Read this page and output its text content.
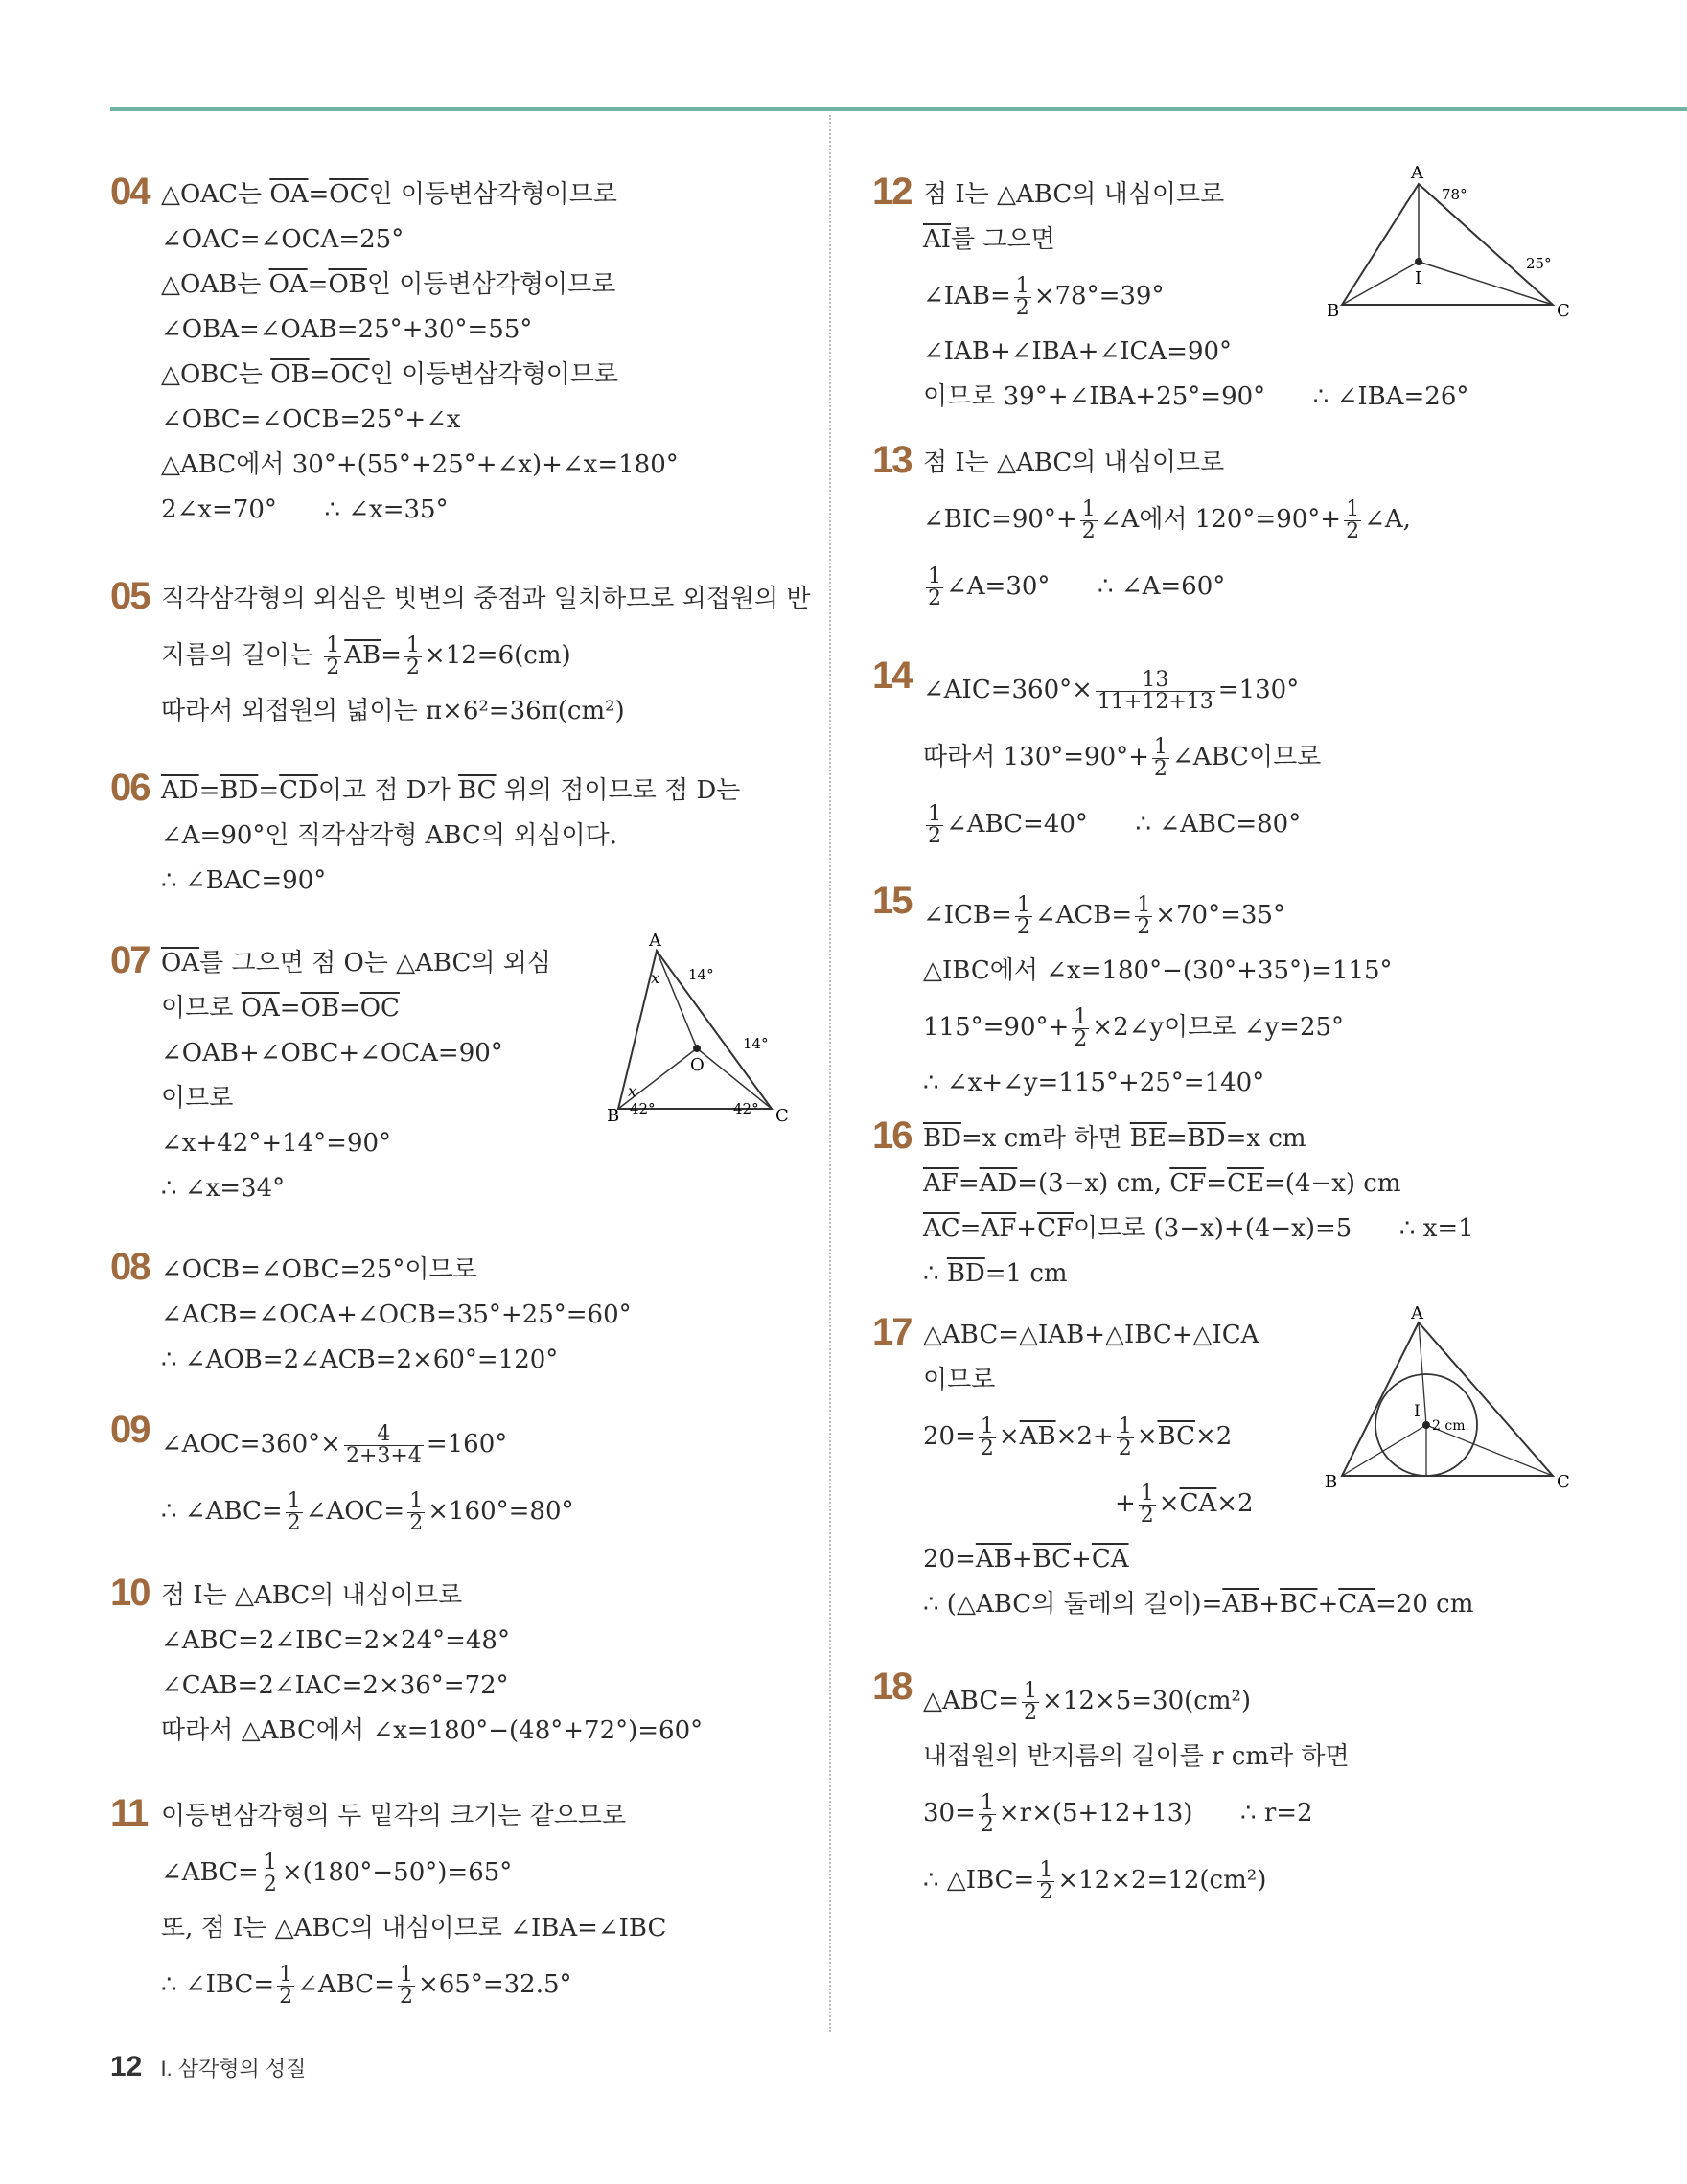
04 △OAC는 $\overline{OA}=\overline{OC}$인 이등변삼각형이므로
∠OAC=∠OCA=25°
△OAB는 $\overline{OA}=\overline{OB}$인 이등변삼각형이므로
∠OBA=∠OAB=25°+30°=55°
△OBC는 $\overline{OB}=\overline{OC}$인 이등변삼각형이므로
∠OBC=∠OCB=25°+∠x
△ABC에서 30°+(55°+25°+∠x)+∠x=180°
2∠x=70°      ∴ ∠x=35°
05 직각삼각형의 외심은 빗변의 중점과 일치하므로 외접원의 반
지름의 길이는 $\frac{1}{2} \overline{AB}= \frac{1}{2} \times 12=6(cm)$
따라서 외접원의 넓이는 π×6²=36π(cm²)
06 $\overline{AD}=\overline{BD}=\overline{CD}$이고 점 D가 $\overline{BC}$ 위의 점이므로 점 D는
∠A=90°인 직각삼각형 ABC의 외심이다.
∴ ∠BAC=90°
07 $\overline{OA}$를 그으면 점 O는 △ABC의 외심
이므로 $\overline{OA}=\overline{OB}=\overline{OC}$
∠OAB+∠OBC+∠OCA=90°
이므로
∠x+42°+14°=90°
∴ ∠x=34°
A
B	C
O
x
x
14°
14°
42°	42°
08 ∠OCB=∠OBC=25°이므로
∠ACB=∠OCA+∠OCB=35°+25°=60°
∴ ∠AOB=2∠ACB=2×60°=120°
09 ∠AOC=360°× $\frac{4}{2+3+4} =160^\circ$
∴ ∠ABC= $\frac{1}{2}$ ∠AOC= $\frac{1}{2} \times 160^\circ=80^\circ$
10 점 I는 △ABC의 내심이므로
∠ABC=2∠IBC=2×24°=48°
∠CAB=2∠IAC=2×36°=72°
따라서 △ABC에서 ∠x=180°−(48°+72°)=60°
11 이등변삼각형의 두 밑각의 크기는 같으므로
∠ABC= $\frac{1}{2} \times(180^\circ-50^\circ)=65^\circ$
또, 점 I는 △ABC의 내심이므로 ∠IBA=∠IBC
∴ ∠IBC= $\frac{1}{2}$ ∠ABC= $\frac{1}{2} \times 65^\circ=32.5^\circ$
12 점 I는 △ABC의 내심이므로
$\overline{AI}$를 그으면
∠IAB= $\frac{1}{2} \times 78^\circ=39^\circ$
∠IAB+∠IBA+∠ICA=90°
이므로 39°+∠IBA+25°=90°      ∴ ∠IBA=26°
A
B	C
I
78°
25°
13 점 I는 △ABC의 내심이므로
∠BIC=90°+ $\frac{1}{2}$ ∠A에서 $120^\circ=90^\circ+ \frac{1}{2}$ ∠A,
$\frac{1}{2}$ ∠A=30°      ∴ ∠A=60°
14 ∠AIC=360°× $\frac{13}{11+12+13} =130^\circ$
따라서 $130^\circ=90^\circ+ \frac{1}{2}$ ∠ABC이므로
$\frac{1}{2}$ ∠ABC=40°      ∴ ∠ABC=80°
15 ∠ICB= $\frac{1}{2}$ ∠ACB= $\frac{1}{2} \times 70^\circ=35^\circ$
△IBC에서 ∠x=180°−(30°+35°)=115°
$115^\circ=90^\circ+ \frac{1}{2}$ ×2∠y이므로 ∠y=25°
∴ ∠x+∠y=115°+25°=140°
16 $\overline{BD}=x$ cm라 하면 $\overline{BE}=\overline{BD}=x$ cm
$\overline{AF}=\overline{AD}=(3-x)$ cm, $\overline{CF}=\overline{CE}=(4-x)$ cm
$\overline{AC}=\overline{AF}+\overline{CF}$이므로 (3−x)+(4−x)=5      ∴ x=1
∴ $\overline{BD}=1$ cm
17 △ABC=△IAB+△IBC+△ICA
이므로
$20= \frac{1}{2} \times\overline{AB}\times 2+ \frac{1}{2} \times\overline{BC}\times 2$
+ $\frac{1}{2} \times\overline{CA}\times 2$
$20=\overline{AB}+\overline{BC}+\overline{CA}$
∴ (△ABC의 둘레의 길이)$=\overline{AB}+\overline{BC}+\overline{CA}=20$ cm
A
B	C
I
2 cm
18 △ABC= $\frac{1}{2} \times 12\times 5=30(cm^2)$
내접원의 반지름의 길이를 r cm라 하면
$30= \frac{1}{2} \times r\times(5+12+13)$      ∴ r=2
∴ △IBC= $\frac{1}{2} \times 12\times 2=12(cm^2)$
12 I. 삼각형의 성질
